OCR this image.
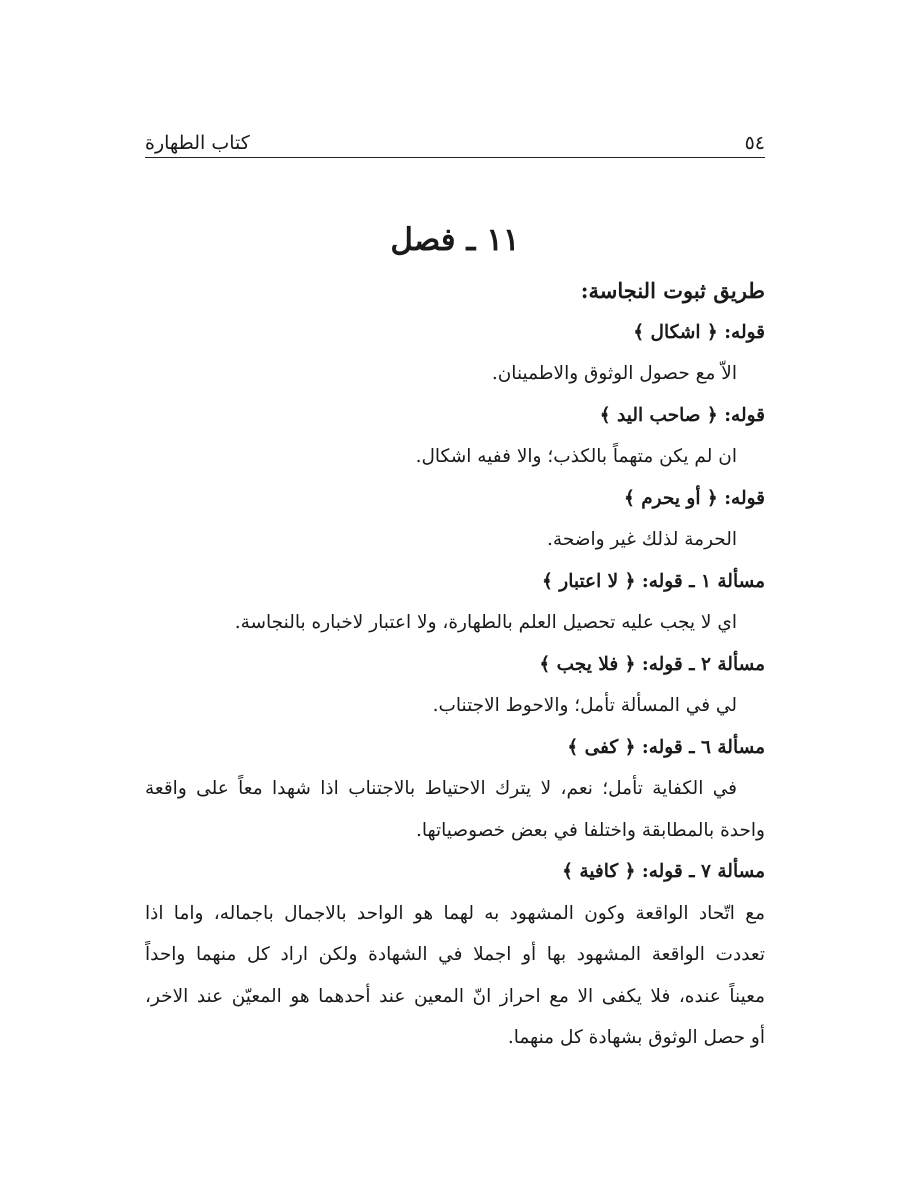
٥٤
كتاب الطهارة
١١ ـ فصل
طريق ثبوت النجاسة:
قوله: ﴿ اشكال ﴾
الاّ مع حصول الوثوق والاطمينان.
قوله: ﴿ صاحب اليد ﴾
ان لم يكن متهماً بالكذب؛ والا ففيه اشكال.
قوله: ﴿ أو يحرم ﴾
الحرمة لذلك غير واضحة.
مسألة ١ ـ قوله: ﴿ لا اعتبار ﴾
اي لا يجب عليه تحصيل العلم بالطهارة، ولا اعتبار لاخباره بالنجاسة.
مسألة ٢ ـ قوله: ﴿ فلا يجب ﴾
لي في المسألة تأمل؛ والاحوط الاجتناب.
مسألة ٦ ـ قوله: ﴿ كفى ﴾
في الكفاية تأمل؛ نعم، لا يترك الاحتياط بالاجتناب اذا شهدا معاً على واقعة
واحدة بالمطابقة واختلفا في بعض خصوصياتها.
مسألة ٧ ـ قوله: ﴿ كافية ﴾
مع اتّحاد الواقعة وكون المشهود به لهما هو الواحد بالاجمال باجماله، واما اذا
تعددت الواقعة المشهود بها أو اجملا في الشهادة ولكن اراد كل منهما واحداً
معيناً عنده، فلا يكفى الا مع احراز انّ المعين عند أحدهما هو المعيّن عند الاخر،
أو حصل الوثوق بشهادة كل منهما.
